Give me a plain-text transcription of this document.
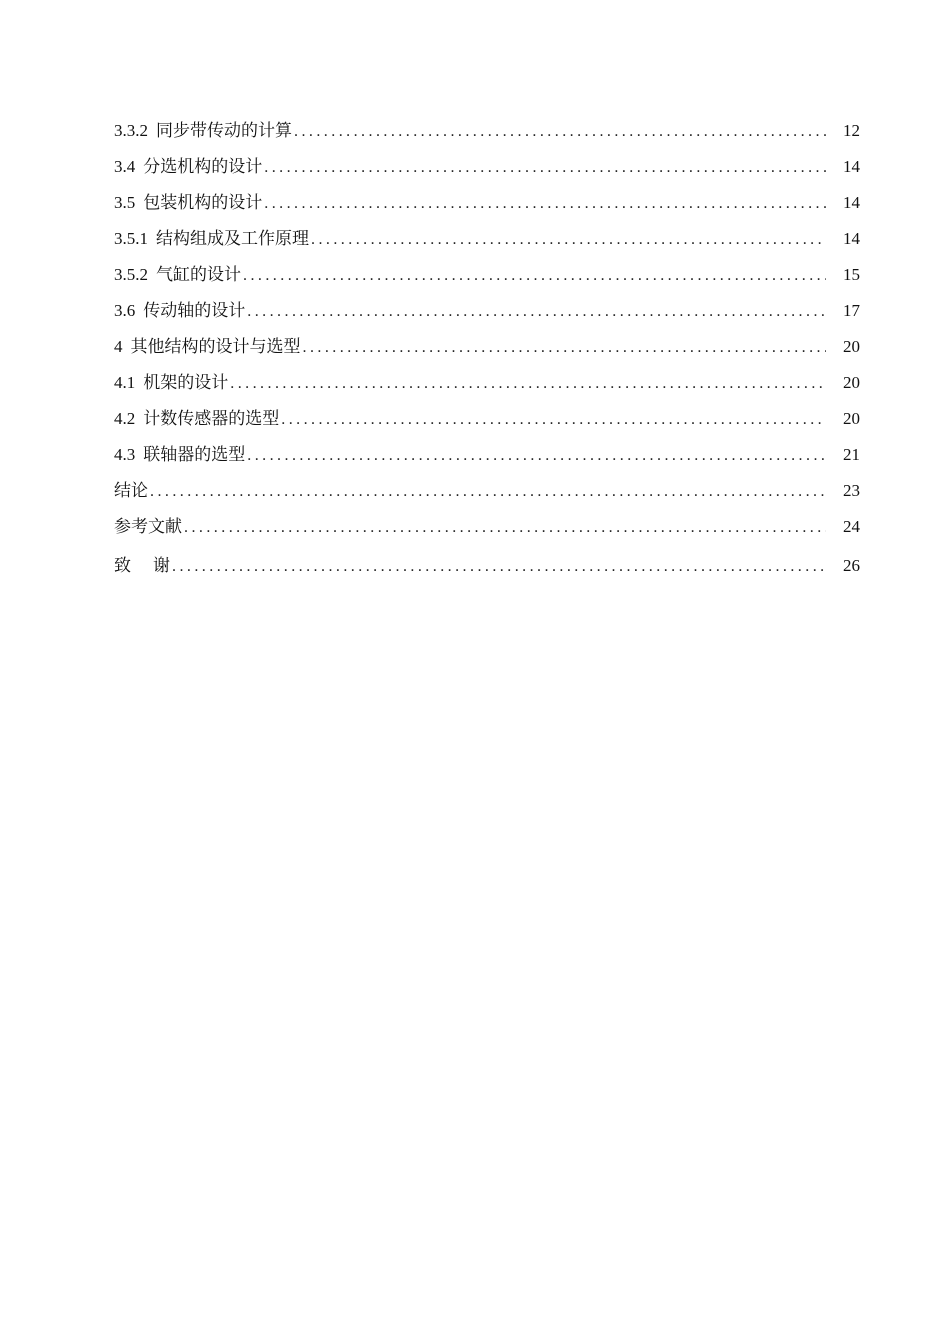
3.3.2 同步带传动的计算 .....	12
3.4 分选机构的设计 .....	14
3.5 包装机构的设计 .....	14
3.5.1 结构组成及工作原理 .....	14
3.5.2 气缸的设计 .....	15
3.6 传动轴的设计 .....	17
4 其他结构的设计与选型 .....	20
4.1 机架的设计 .....	20
4.2 计数传感器的选型 .....	20
4.3 联轴器的选型 .....	21
结论 .....	23
参考文献 .....	24
致 谢 .....	26
